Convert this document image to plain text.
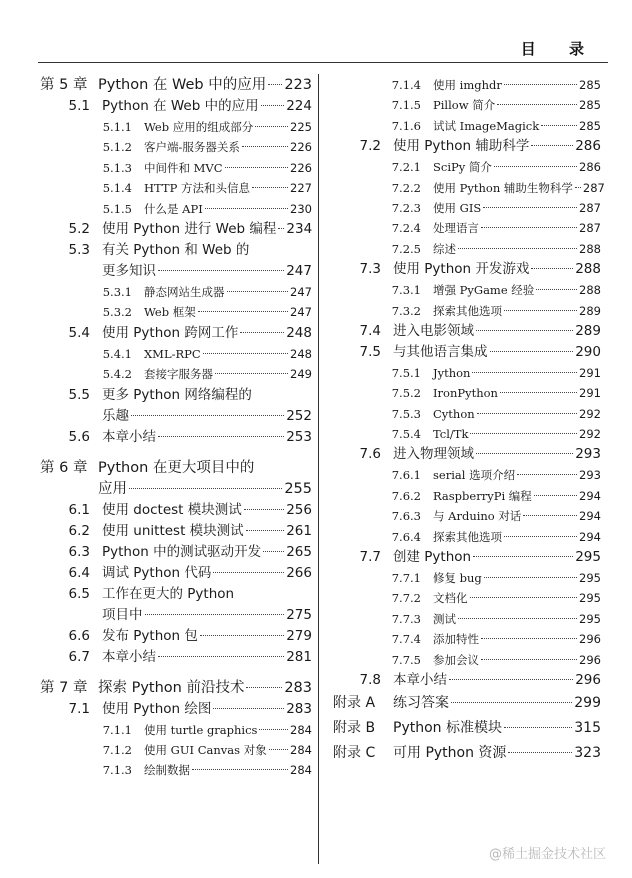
目 录
第 5 章 Python 在 Web 中的应用 223
5.1 Python 在 Web 中的应用 224
5.1.1	Web 应用的组成部分	225
5.1.2	客户端-服务器关系	226
5.1.3	中间件和 MVC	226
5.1.4	HTTP 方法和头信息	227
5.1.5	什么是 API	230
5.2 使用 Python 进行 Web 编程 234
5.3 有关 Python 和 Web 的
更多知识	247
5.3.1	静态网站生成器	247
5.3.2	Web 框架	247
5.4 使用 Python 跨网工作	248
5.4.1	XML-RPC	248
5.4.2	套接字服务器	249
5.5 更多 Python 网络编程的
乐趣	252
5.6 本章小结	253
第 6 章 Python 在更大项目中的
应用	255
6.1 使用 doctest 模块测试	256
6.2 使用 unittest 模块测试	261
6.3 Python 中的测试驱动开发 265
6.4 调试 Python 代码	266
6.5 工作在更大的 Python
项目中	275
6.6 发布 Python 包	279
6.7 本章小结	281
第 7 章 探索 Python 前沿技术	283
7.1 使用 Python 绘图	283
7.1.1	使用 turtle graphics	284
7.1.2	使用 GUI Canvas 对象 284
7.1.3	绘制数据	284
7.1.4	使用 imghdr	285
7.1.5	Pillow 简介	285
7.1.6	试试 ImageMagick	285
7.2 使用 Python 辅助科学	286
7.2.1	SciPy 简介	286
7.2.2	使用 Python 辅助生物科学 287
7.2.3	使用 GIS	287
7.2.4	处理语言	287
7.2.5	综述	288
7.3 使用 Python 开发游戏	288
7.3.1	增强 PyGame 经验	288
7.3.2	探索其他选项	289
7.4 进入电影领域	289
7.5 与其他语言集成	290
7.5.1	Jython	291
7.5.2	IronPython	291
7.5.3	Cython	292
7.5.4	Tcl/Tk	292
7.6 进入物理领域	293
7.6.1	serial 选项介绍	293
7.6.2	RaspberryPi 编程	294
7.6.3	与 Arduino 对话	294
7.6.4	探索其他选项	294
7.7 创建 Python	295
7.7.1	修复 bug	295
7.7.2	文档化	295
7.7.3	测试	295
7.7.4	添加特性	296
7.7.5	参加会议	296
7.8 本章小结	296
附录 A	练习答案	299
附录 B	Python 标准模块	315
附录 C	可用 Python 资源	323
@稀土掘金技术社区
